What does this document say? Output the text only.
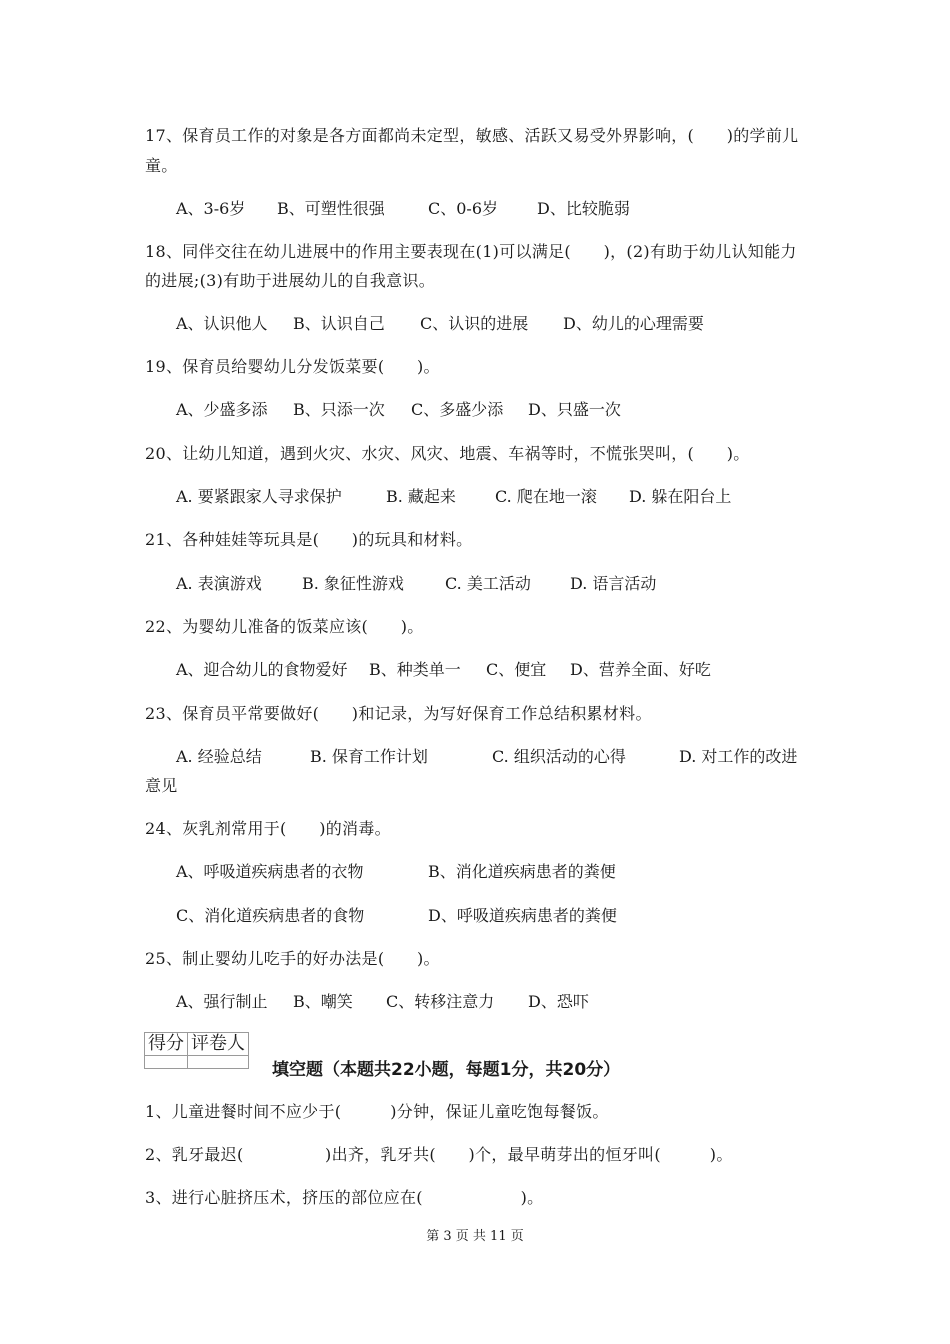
17、保育员工作的对象是各方面都尚未定型，敏感、活跃又易受外界影响，(　　)的学前儿
童。
A、3-6岁 B、可塑性很强	C、0-6岁 D、比较脆弱
18、同伴交往在幼儿进展中的作用主要表现在(1)可以满足(　　)，(2)有助于幼儿认知能力
的进展;(3)有助于进展幼儿的自我意识。
A、认识他人 B、认识自己 C、认识的进展 D、幼儿的心理需要
19、保育员给婴幼儿分发饭菜要(　　)。
A、少盛多添 B、只添一次 C、多盛少添 D、只盛一次
20、让幼儿知道，遇到火灾、水灾、风灾、地震、车祸等时，不慌张哭叫，(　　)。
A. 要紧跟家人寻求保护	B. 藏起来 C. 爬在地一滚 D. 躲在阳台上
21、各种娃娃等玩具是(　　)的玩具和材料。
A. 表演游戏	B. 象征性游戏	C. 美工活动 D. 语言活动
22、为婴幼儿准备的饭菜应该(　　)。
A、迎合幼儿的食物爱好 B、种类单一 C、便宜 D、营养全面、好吃
23、保育员平常要做好(　　)和记录，为写好保育工作总结积累材料。
A. 经验总结	B. 保育工作计划	C. 组织活动的心得	D. 对工作的改进
意见
24、灰乳剂常用于(　　)的消毒。
A、呼吸道疾病患者的衣物	B、消化道疾病患者的粪便
C、消化道疾病患者的食物	D、呼吸道疾病患者的粪便
25、制止婴幼儿吃手的好办法是(　　)。
A、强行制止 B、嘲笑 C、转移注意力 D、恐吓
得分	评卷人

填空题（本题共22小题，每题1分，共20分）
1、儿童进餐时间不应少于(　　　)分钟，保证儿童吃饱每餐饭。
2、乳牙最迟(　　　　　)出齐，乳牙共(　　)个，最早萌芽出的恒牙叫(　　　)。
3、进行心脏挤压术，挤压的部位应在(　　　　　　)。
第 3 页 共 11 页
